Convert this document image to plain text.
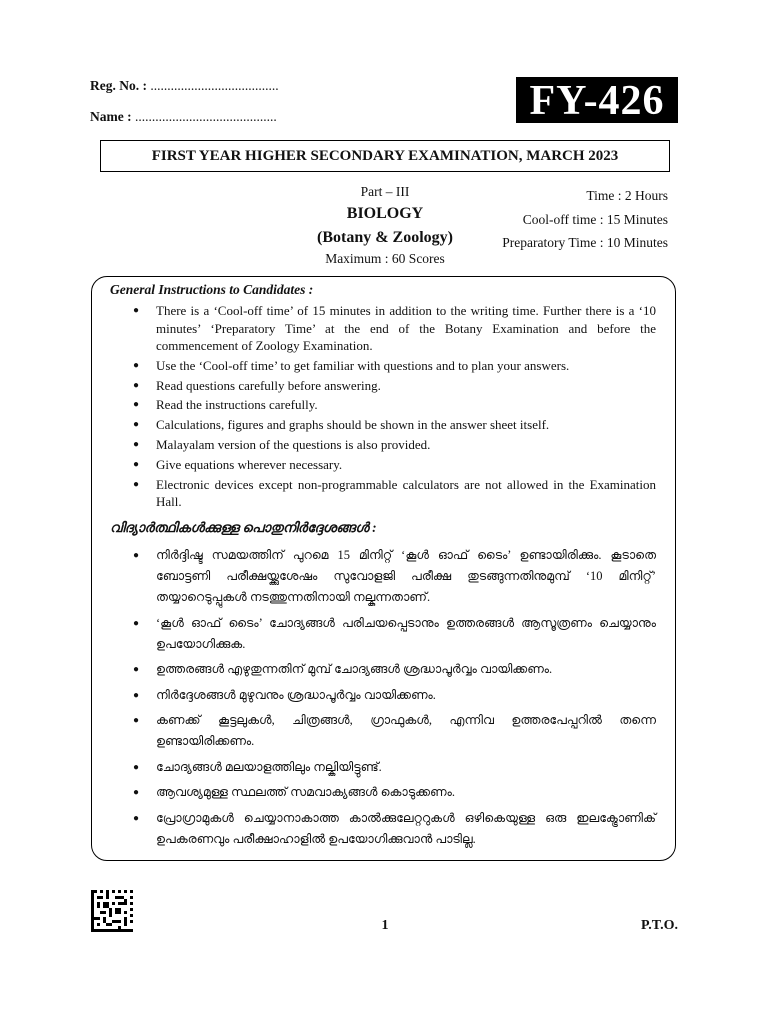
Reg. No. : ......................................
Name : ..........................................	FY-426
FIRST YEAR HIGHER SECONDARY EXAMINATION, MARCH 2023
Part – III
BIOLOGY
(Botany & Zoology)
Maximum : 60 Scores
Time : 2 Hours
Cool-off time : 15 Minutes
Preparatory Time : 10 Minutes
General Instructions to Candidates :
● There is a ‘Cool-off time’ of 15 minutes in addition to the writing time. Further there is a ‘10 minutes’ ‘Preparatory Time’ at the end of the Botany Examination and before the commencement of Zoology Examination.
● Use the ‘Cool-off time’ to get familiar with questions and to plan your answers.
● Read questions carefully before answering.
● Read the instructions carefully.
● Calculations, figures and graphs should be shown in the answer sheet itself.
● Malayalam version of the questions is also provided.
● Give equations wherever necessary.
● Electronic devices except non-programmable calculators are not allowed in the Examination Hall.
വിദ്യാർത്ഥികൾക്കുള്ള പൊതുനിർദ്ദേശങ്ങൾ :
● നിർദ്ദിഷ്ട സമയത്തിന് പുറമെ 15 മിനിറ്റ് ‘കൂൾ ഓഫ് ടൈം’ ഉണ്ടായിരിക്കും. കൂടാതെ ബോട്ടണി പരീക്ഷയ്ക്കുശേഷം സുവോളജി പരീക്ഷ തുടങ്ങുന്നതിനുമുമ്പ് ‘10 മിനിറ്റ്’ തയ്യാറെടുപ്പുകൾ നടത്തുന്നതിനായി നല്കുന്നതാണ്.
● ‘കൂൾ ഓഫ് ടൈം’ ചോദ്യങ്ങൾ പരിചയപ്പെടാനും ഉത്തരങ്ങൾ ആസൂത്രണം ചെയ്യാനും ഉപയോഗിക്കുക.
● ഉത്തരങ്ങൾ എഴുതുന്നതിന് മുമ്പ് ചോദ്യങ്ങൾ ശ്രദ്ധാപൂർവ്വം വായിക്കണം.
● നിർദ്ദേശങ്ങൾ മുഴുവനും ശ്രദ്ധാപൂർവ്വം വായിക്കണം.
● കണക്ക് കൂട്ടലുകൾ, ചിത്രങ്ങൾ, ഗ്രാഫുകൾ, എന്നിവ ഉത്തരപേപ്പറിൽ തന്നെ ഉണ്ടായിരിക്കണം.
● ചോദ്യങ്ങൾ മലയാളത്തിലും നല്കിയിട്ടുണ്ട്.
● ആവശ്യമുള്ള സ്ഥലത്ത് സമവാക്യങ്ങൾ കൊടുക്കണം.
● പ്രോഗ്രാമുകൾ ചെയ്യാനാകാത്ത കാൽക്കുലേറ്ററുകൾ ഒഴികെയുള്ള ഒരു ഇലക്ട്രോണിക് ഉപകരണവും പരീക്ഷാഹാളിൽ ഉപയോഗിക്കുവാൻ പാടില്ല.
1	P.T.O.
